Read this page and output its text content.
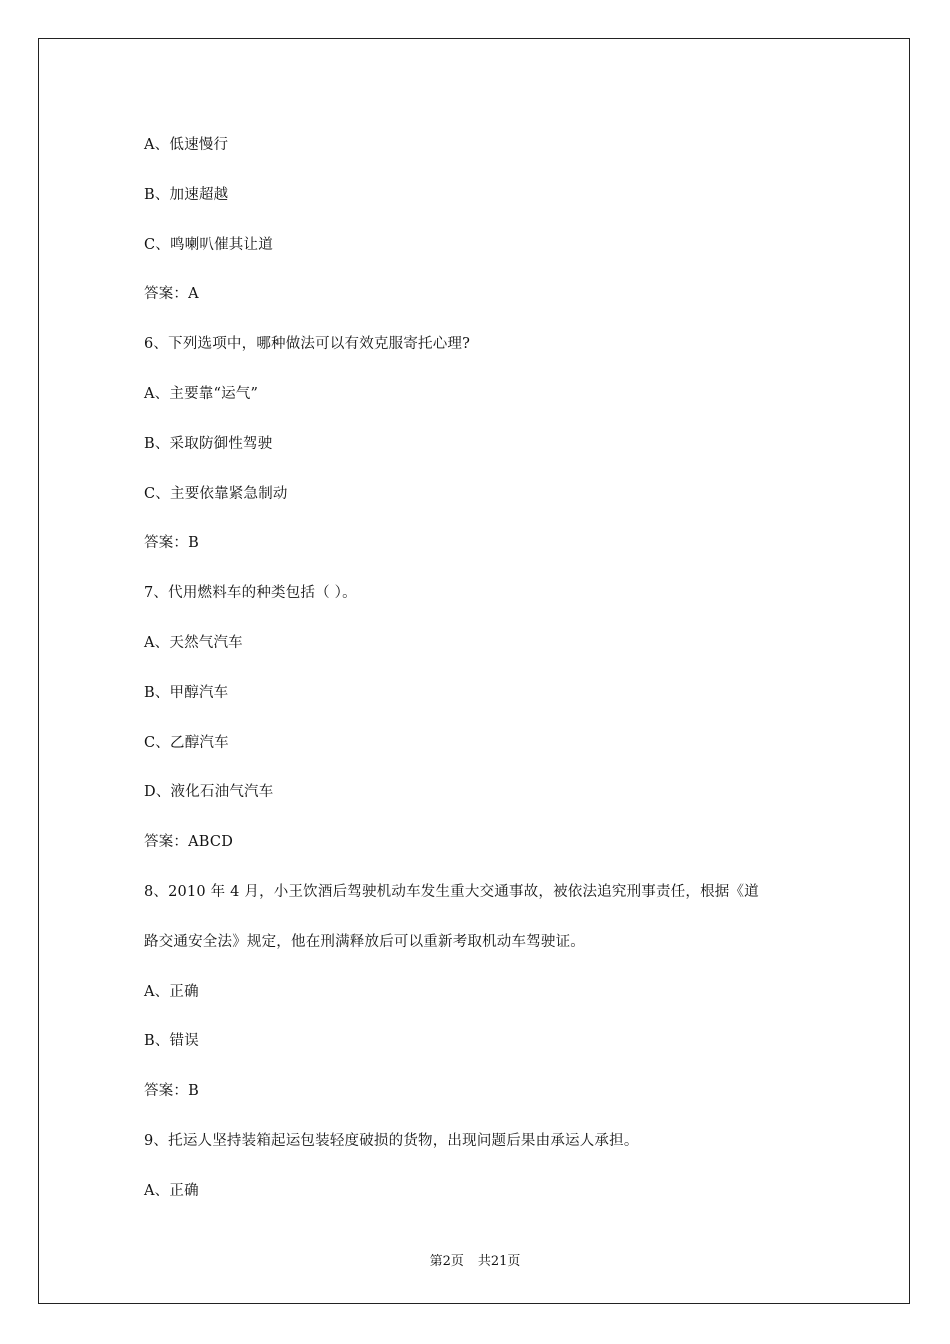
A、低速慢行
B、加速超越
C、鸣喇叭催其让道
答案：A
6、下列选项中，哪种做法可以有效克服寄托心理?
A、主要靠“运气”
B、采取防御性驾驶
C、主要依靠紧急制动
答案：B
7、代用燃料车的种类包括（ ）。
A、天然气汽车
B、甲醇汽车
C、乙醇汽车
D、液化石油气汽车
答案：ABCD
8、2010 年 4 月，小王饮酒后驾驶机动车发生重大交通事故，被依法追究刑事责任，根据《道
路交通安全法》规定，他在刑满释放后可以重新考取机动车驾驶证。
A、正确
B、错误
答案：B
9、托运人坚持装箱起运包装轻度破损的货物，出现问题后果由承运人承担。
A、正确
第2页 共21页
